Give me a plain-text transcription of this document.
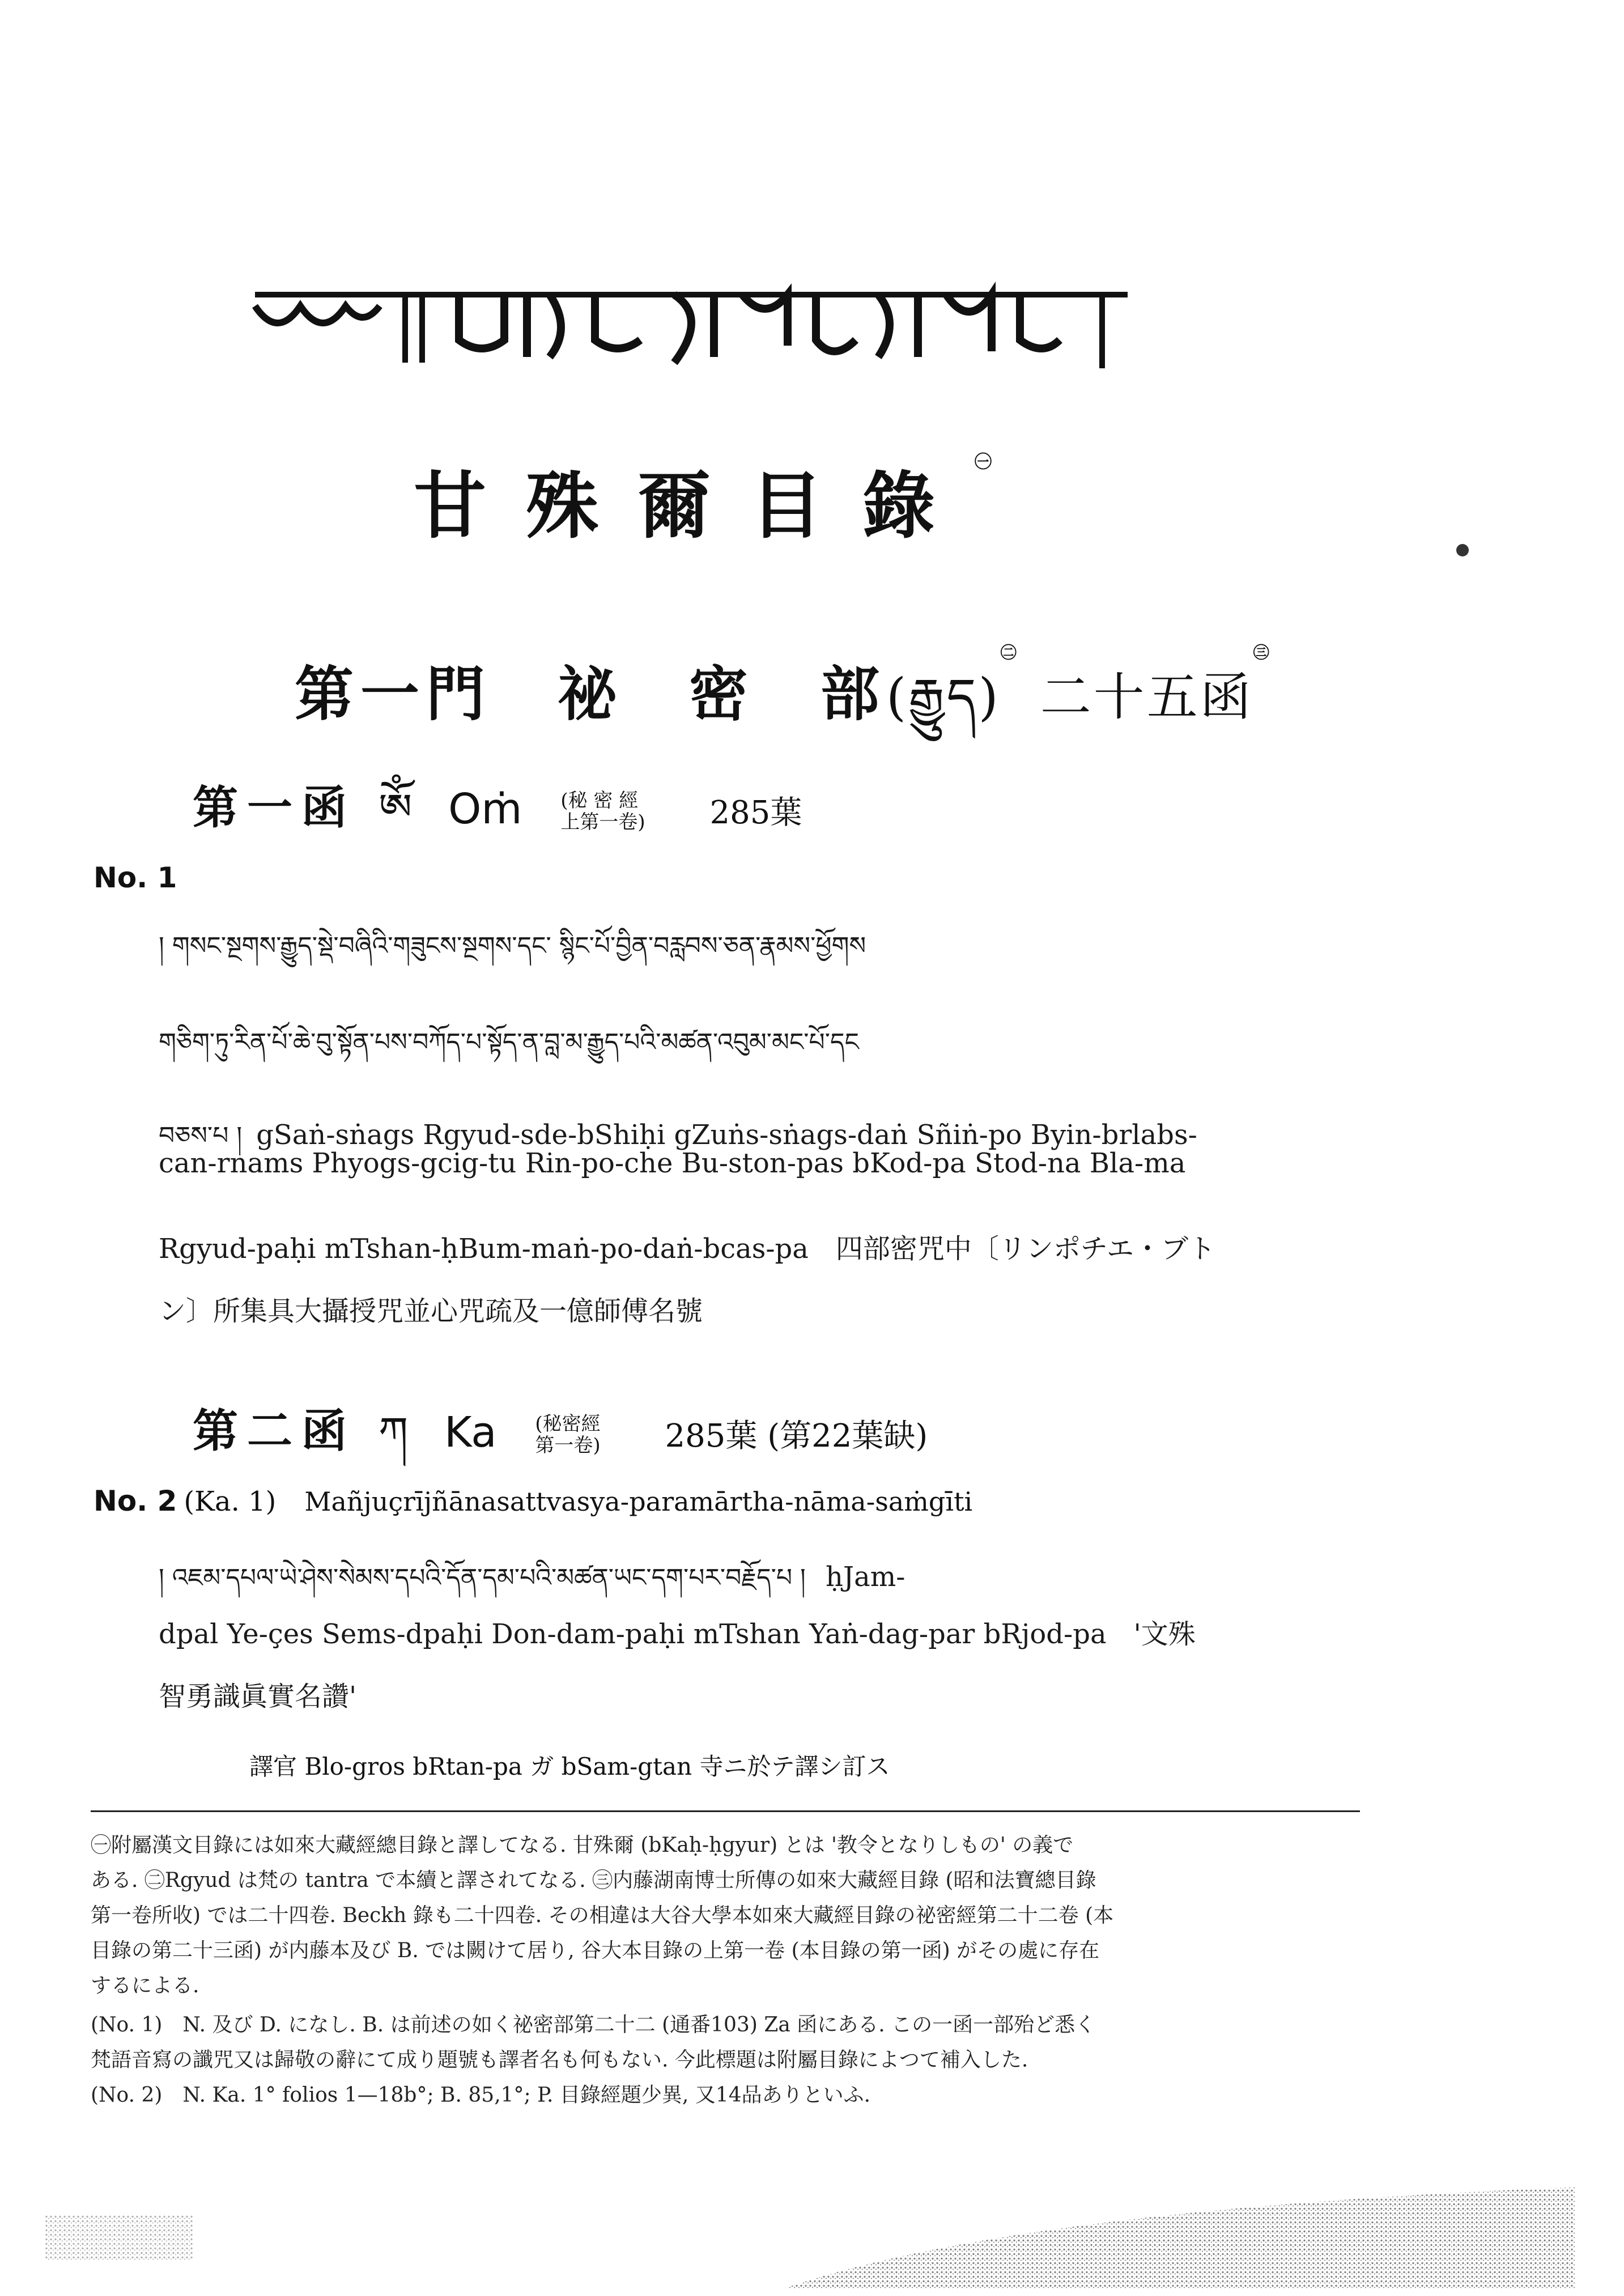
甘殊爾目錄$^㊀$
第一門　祕　密　部(རྒྱུད)$^㊁$二十五函$^㊂$
第一函 ཨོཾ Oṁ (秘 密 經
上第一卷) 285葉
No. 1
། གསང་སྔགས་རྒྱུད་སྡེ་བཞིའི་གཟུངས་སྔགས་དང་ སྙིང་པོ་བྱིན་བརླབས་ཅན་རྣམས་ཕྱོགས
གཅིག་ཏུ་རིན་པོ་ཆེ་བུ་སྟོན་པས་བཀོད་པ་སྟོད་ན་བླ་མ་རྒྱུད་པའི་མཚན་འབུམ་མང་པོ་དང
བཅས་པ ། gSaṅ-sṅags Rgyud-sde-bShiḥi gZuṅs-sṅags-daṅ Sñiṅ-po Byin-brlabs-
can-rnams Phyogs-gcig-tu Rin-po-che Bu-ston-pas bKod-pa Stod-na Bla-ma
Rgyud-paḥi mTshan-ḥBum-maṅ-po-daṅ-bcas-pa　四部密咒中〔リンポチエ・ブト
ン〕所集具大攝授咒並心咒疏及一億師傅名號
第二函 ཀ Ka (秘密經
第一卷) 285葉 (第22葉缺)
No. 2 (Ka. 1) Mañjuçrījñānasattvasya-paramārtha-nāma-saṁgīti
། འཇམ་དཔལ་ཡེ་ཤེས་སེམས་དཔའི་དོན་དམ་པའི་མཚན་ཡང་དག་པར་བརྗོད་པ ། ḥJam-
dpal Ye-çes Sems-dpaḥi Don-dam-paḥi mTshan Yaṅ-dag-par bRjod-pa　'文殊
智勇識眞實名讚'
譯官 Blo-gros bRtan-pa ガ bSam-gtan 寺ニ於テ譯シ訂ス
㊀附屬漢文目錄には如來大藏經總目錄と譯してなる. 甘殊爾 (bKaḥ-ḥgyur) とは '教令となりしもの' の義で
ある. ㊁Rgyud は梵の tantra で本續と譯されてなる. ㊂内藤湖南博士所傳の如來大藏經目錄 (昭和法寶總目錄
第一卷所收) では二十四卷. Beckh 錄も二十四卷. その相違は大谷大學本如來大藏經目錄の祕密經第二十二卷 (本
目錄の第二十三函) が内藤本及び B. では闕けて居り, 谷大本目錄の上第一卷 (本目錄の第一函) がその處に存在
するによる.
(No. 1)　N. 及び D. になし. B. は前述の如く祕密部第二十二 (通番103) Za 函にある. この一函一部殆ど悉く
梵語音寫の讖咒又は歸敬の辭にて成り題號も譯者名も何もない. 今此標題は附屬目錄によつて補入した.
(No. 2)　N. Ka. 1° folios 1—18b°; B. 85,1°; P. 目錄經題少異, 又14品ありといふ.
